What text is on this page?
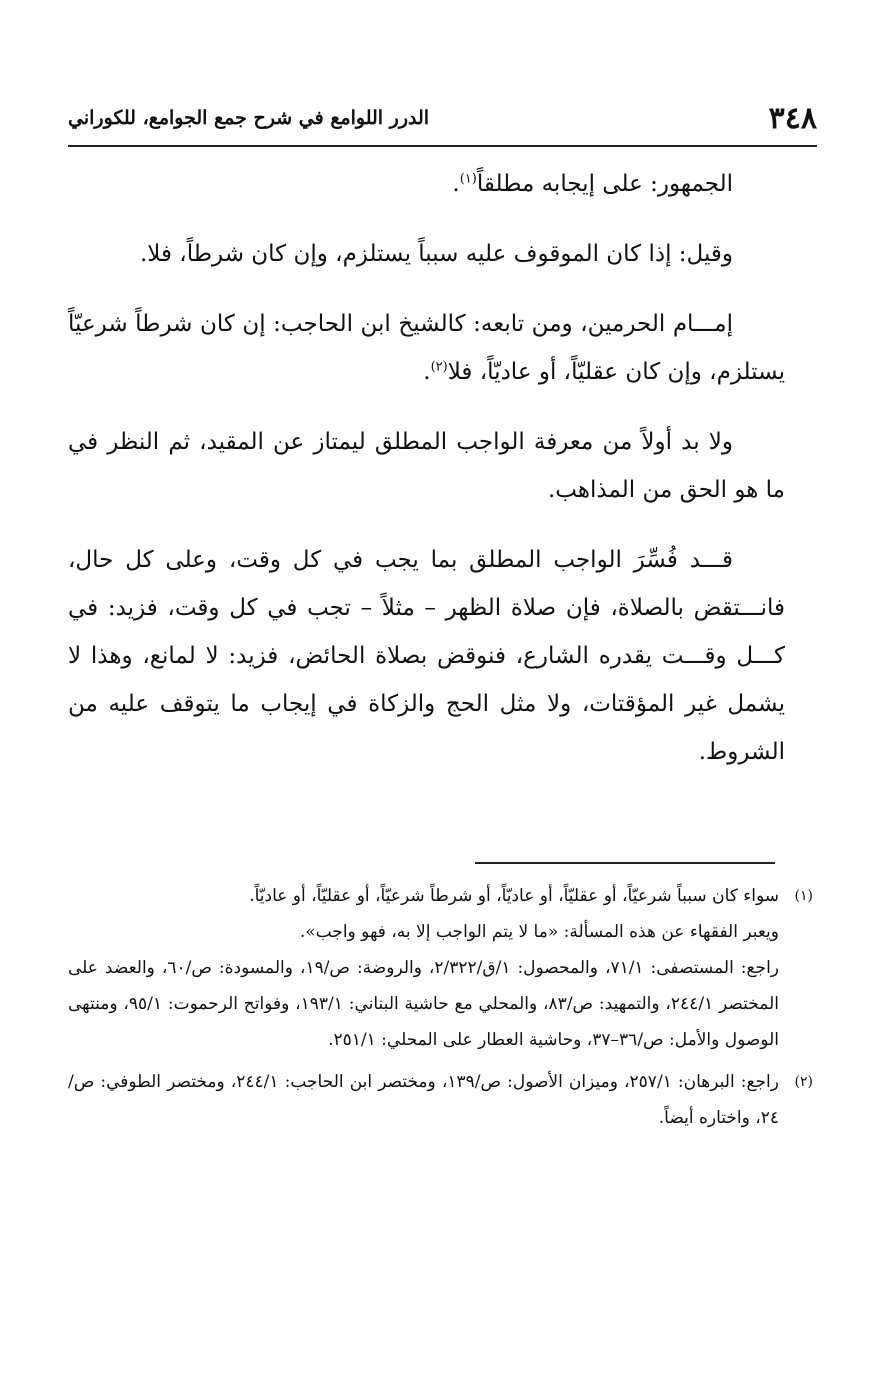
٣٤٨
الدرر اللوامع في شرح جمع الجوامع، للكوراني

الجمهور: على إيجابه مطلقاً$^{(١)}$.

وقيل: إذا كان الموقوف عليه سبباً يستلزم، وإن كان شرطاً، فلا.

إمـــام الحرمين، ومن تابعه: كالشيخ ابن الحاجب: إن كان شرطاً شرعيّاً يستلزم، وإن كان عقليّاً، أو عاديّاً، فلا$^{(٢)}$.

ولا بد أولاً من معرفة الواجب المطلق ليمتاز عن المقيد، ثم النظر في ما هو الحق من المذاهب.

قـــد فُسِّرَ الواجب المطلق بما يجب في كل وقت، وعلى كل حال، فانـــتقض بالصلاة، فإن صلاة الظهر – مثلاً – تجب في كل وقت، فزيد: في كـــل وقـــت يقدره الشارع، فنوقض بصلاة الحائض، فزيد: لا لمانع، وهذا لا يشمل غير المؤقتات، ولا مثل الحج والزكاة في إيجاب ما يتوقف عليه من الشروط.

(١)
سواء كان سبباً شرعيّاً، أو عقليّاً، أو عاديّاً، أو شرطاً شرعيّاً، أو عقليّاً، أو عاديّاً.
ويعبر الفقهاء عن هذه المسألة: «ما لا يتم الواجب إلا به، فهو واجب».
راجع: المستصفى: ٧١/١، والمحصول: ١/ق/٢/٣٢٢، والروضة: ص/١٩، والمسودة: ص/٦٠، والعضد على المختصر ٢٤٤/١، والتمهيد: ص/٨٣، والمحلي مع حاشية البناني: ١٩٣/١، وفواتح الرحموت: ٩٥/١، ومنتهى الوصول والأمل: ص/٣٦–٣٧، وحاشية العطار على المحلي: ٢٥١/١.
(٢)
راجع: البرهان: ٢٥٧/١، وميزان الأصول: ص/١٣٩، ومختصر ابن الحاجب: ٢٤٤/١، ومختصر الطوفي: ص/٢٤، واختاره أيضاً.
